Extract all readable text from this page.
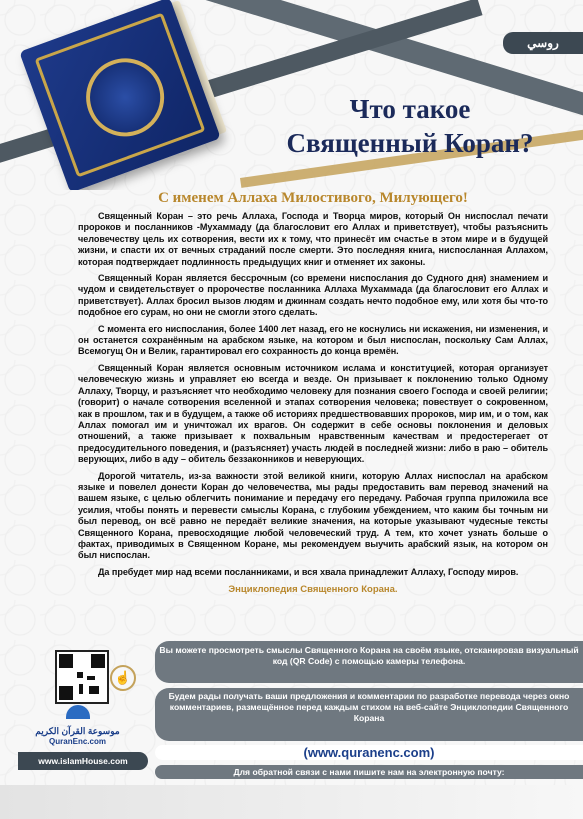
روسي
Что такое
Священный Коран?

С именем Аллаха Милостивого, Милующего!

Священный Коран – это речь Аллаха, Господа и Творца миров, который Он ниспослал печати пророков и посланников -Мухаммаду (да благословит его Аллах и приветствует), чтобы разъяснить человечеству цель их сотворения, вести их к тому, что принесёт им счастье в этом мире и в будущей жизни, и спасти их от вечных страданий после смерти. Это последняя книга, ниспосланная Аллахом, которая подтверждает подлинность предыдущих книг и отменяет их законы.

Священный Коран является бессрочным (со времени ниспослания до Судного дня) знамением и чудом и свидетельствует о пророчестве посланника Аллаха Мухаммада (да благословит его Аллах и приветствует). Аллах бросил вызов людям и джиннам создать нечто подобное ему, или хотя бы что-то подобное его сурам, но они не смогли этого сделать.

С момента его ниспослания, более 1400 лет назад, его не коснулись ни искажения, ни изменения, и он останется сохранённым на арабском языке, на котором и был ниспослан, поскольку Сам Аллах, Всемогущ Он и Велик, гарантировал его сохранность до конца времён.

Священный Коран является основным источником ислама и конституцией, которая организует человеческую жизнь и управляет ею всегда и везде. Он призывает к поклонению только Одному Аллаху, Творцу, и разъясняет что необходимо человеку для познания своего Господа и своей религии; (говорит) о начале сотворения вселенной и этапах сотворения человека; повествует о сокровенном, как в прошлом, так и в будущем, а также об историях предшествовавших пророков, мир им, и о том, как Аллах помогал им и уничтожал их врагов. Он содержит в себе основы поклонения и деловых отношений, а также призывает к похвальным нравственным качествам и предостерегает от предосудительного поведения, и (разъясняет) участь людей в последней жизни: либо в раю – обитель верующих, либо в аду – обитель беззаконников и неверующих.

Дорогой читатель, из-за важности этой великой книги, которую Аллах ниспослал на арабском языке и повелел донести Коран до человечества, мы рады предоставить вам перевод значений на вашем языке, с целью облегчить понимание и передачу его передачу. Рабочая группа приложила все усилия, чтобы понять и перевести смыслы Корана, с глубоким убеждением, что каким бы точным ни был перевод, он всё равно не передаёт великие значения, на которые указывают чудесные тексты Священного Корана, превосходящие любой человеческий труд. А тем, кто хочет узнать больше о фактах, приводимых в Священном Коране, мы рекомендуем выучить арабский язык, на котором он был ниспослан.

Да пребудет мир над всеми посланниками, и вся хвала принадлежит Аллаху, Господу миров.

Энциклопедия Священного Корана.
Вы можете просмотреть смыслы Священного Корана на своём языке, отсканировав визуальный код (QR Code) с помощью камеры телефона.
Будем рады получать ваши предложения и комментарии по разработке перевода через окно комментариев, размещённое перед каждым стихом на веб-сайте Энциклопедии Священного Корана
(www.quranenc.com)
Для обратной связи с нами пишите нам на электронную почту:
☝
موسوعة القرآن الكريم
QuranEnc.com
www.islamHouse.com
